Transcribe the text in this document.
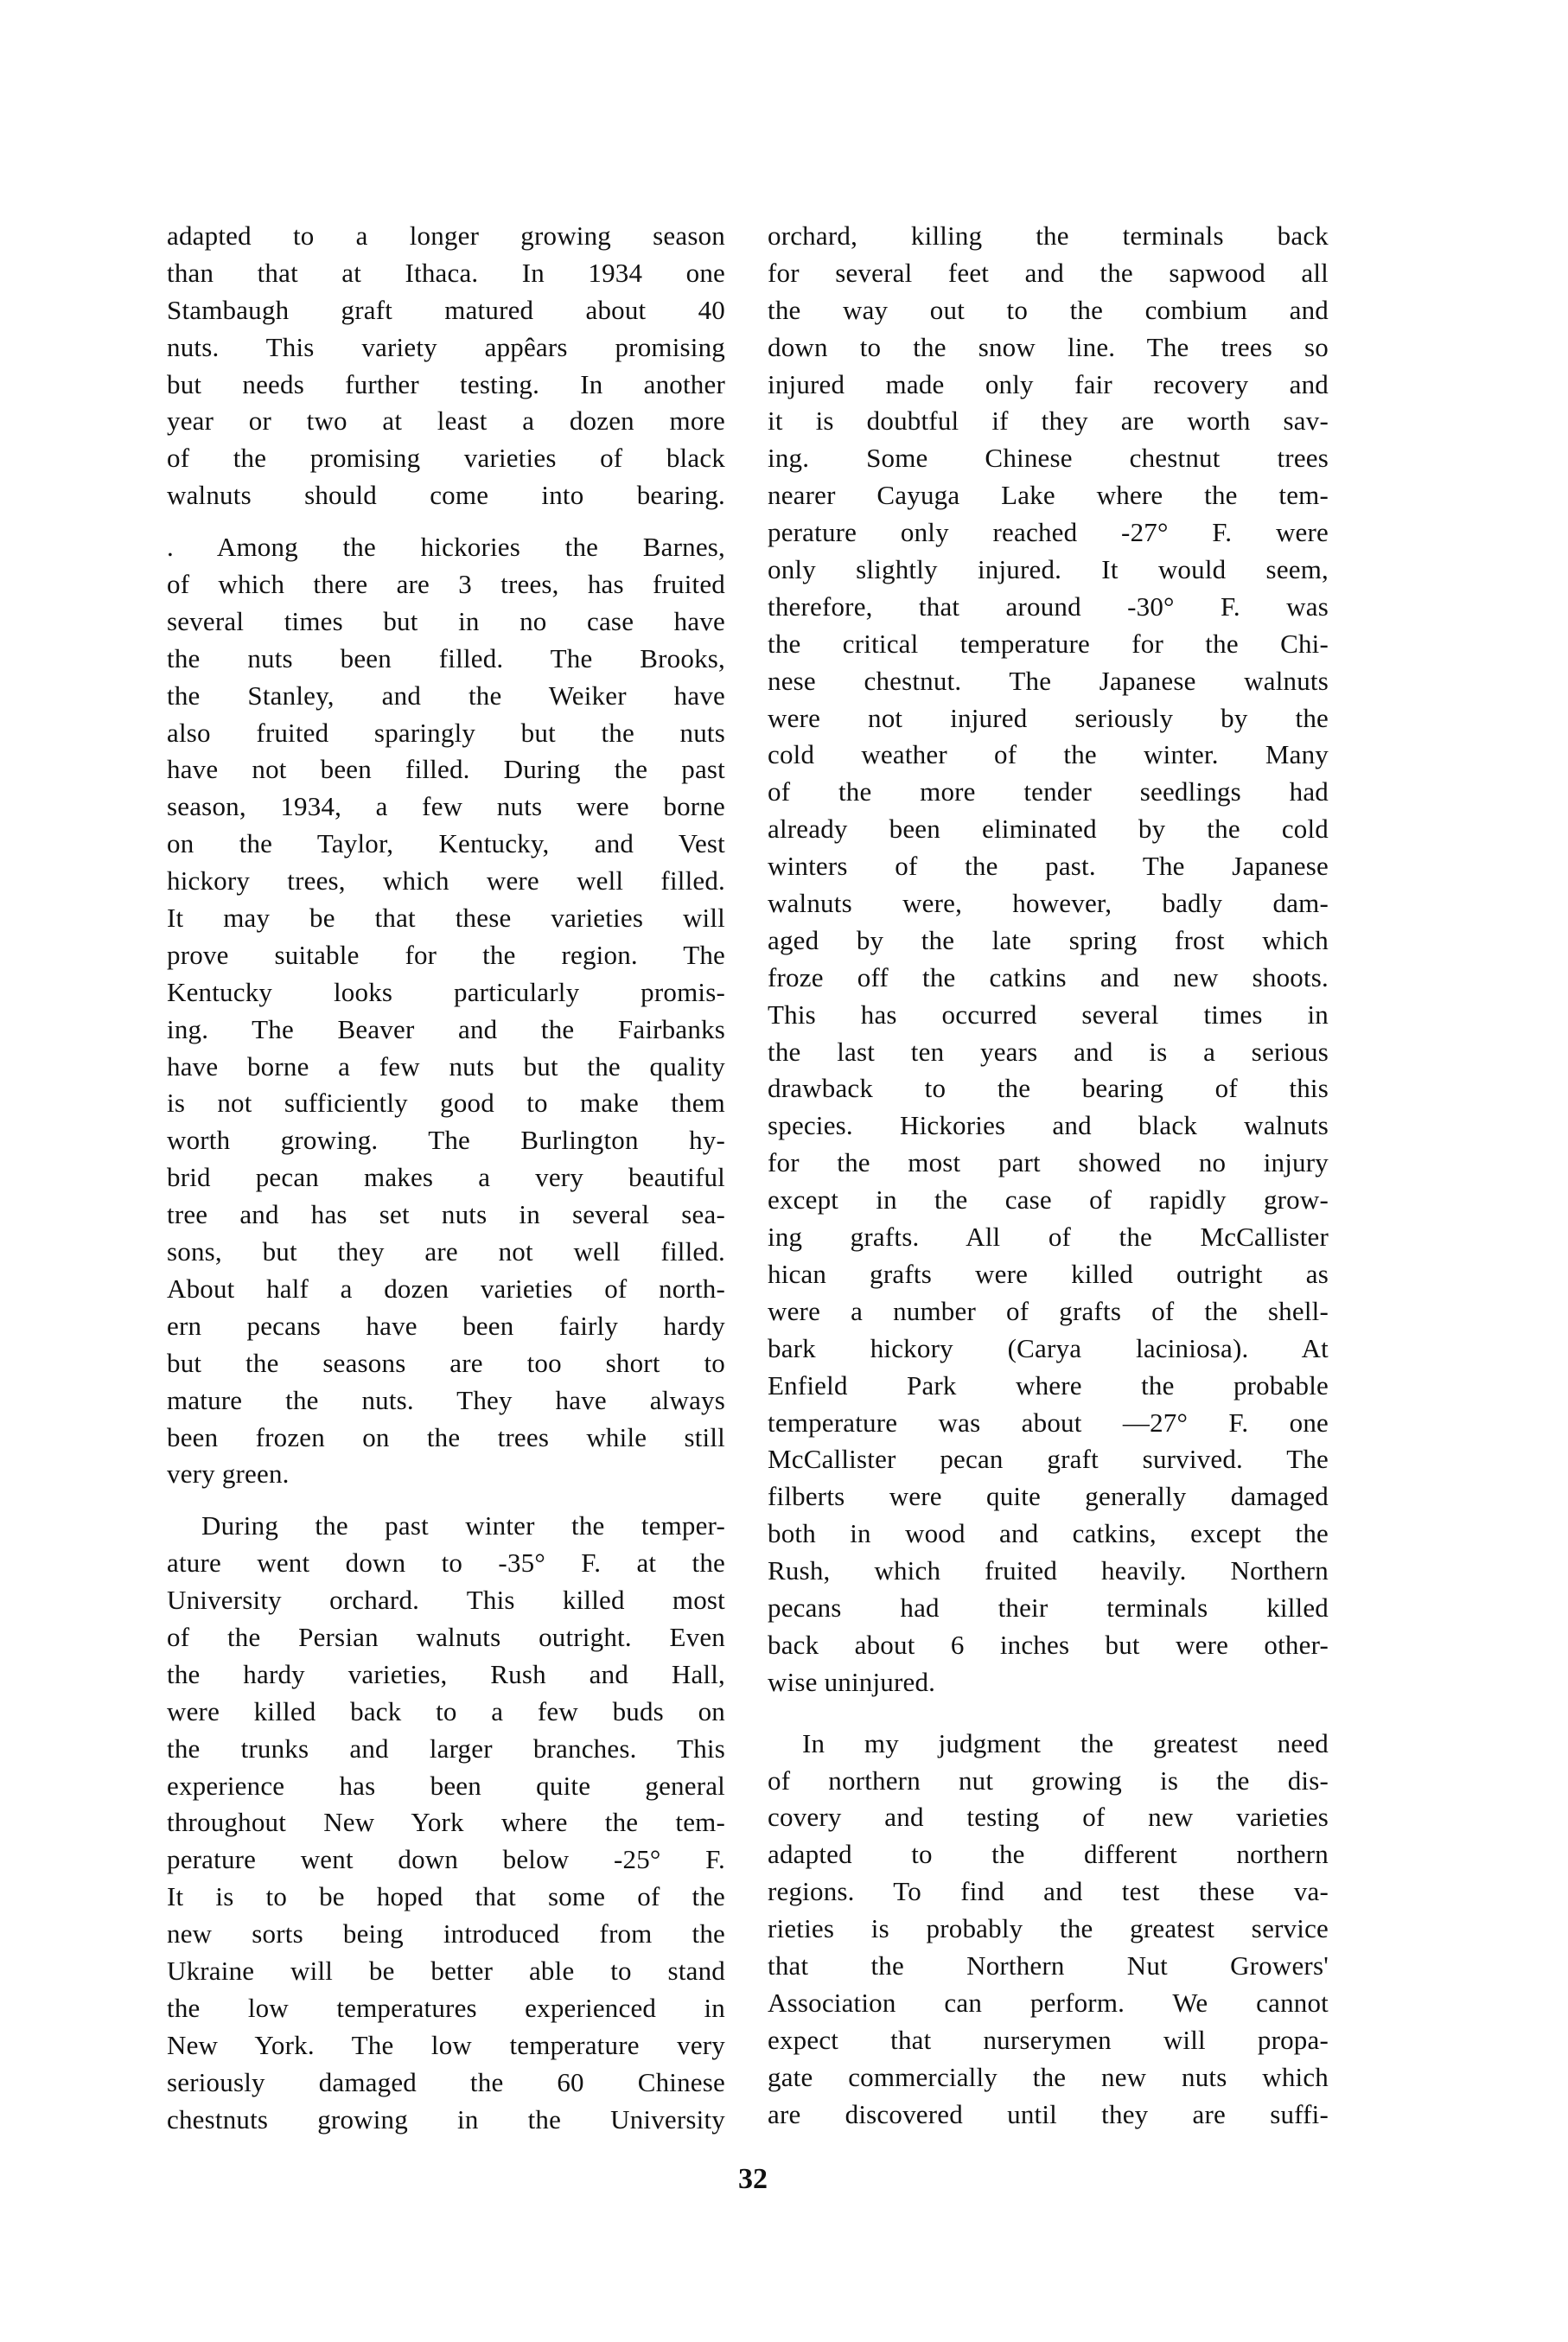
adapted to a longer growing season
than that at Ithaca. In 1934 one
Stambaugh graft matured about 40
nuts. This variety appêars promising
but needs further testing. In another
year or two at least a dozen more
of the promising varieties of black
walnuts should come into bearing.
. Among the hickories the Barnes,
of which there are 3 trees, has fruited
several times but in no case have
the nuts been filled. The Brooks,
the Stanley, and the Weiker have
also fruited sparingly but the nuts
have not been filled. During the past
season, 1934, a few nuts were borne
on the Taylor, Kentucky, and Vest
hickory trees, which were well filled.
It may be that these varieties will
prove suitable for the region. The
Kentucky looks particularly promis-
ing. The Beaver and the Fairbanks
have borne a few nuts but the quality
is not sufficiently good to make them
worth growing. The Burlington hy-
brid pecan makes a very beautiful
tree and has set nuts in several sea-
sons, but they are not well filled.
About half a dozen varieties of north-
ern pecans have been fairly hardy
but the seasons are too short to
mature the nuts. They have always
been frozen on the trees while still
very green.
During the past winter the temper-
ature went down to -35° F. at the
University orchard. This killed most
of the Persian walnuts outright. Even
the hardy varieties, Rush and Hall,
were killed back to a few buds on
the trunks and larger branches. This
experience has been quite general
throughout New York where the tem-
perature went down below -25° F.
It is to be hoped that some of the
new sorts being introduced from the
Ukraine will be better able to stand
the low temperatures experienced in
New York. The low temperature very
seriously damaged the 60 Chinese
chestnuts growing in the University
orchard, killing the terminals back
for several feet and the sapwood all
the way out to the combium and
down to the snow line. The trees so
injured made only fair recovery and
it is doubtful if they are worth sav-
ing. Some Chinese chestnut trees
nearer Cayuga Lake where the tem-
perature only reached -27° F. were
only slightly injured. It would seem,
therefore, that around -30° F. was
the critical temperature for the Chi-
nese chestnut. The Japanese walnuts
were not injured seriously by the
cold weather of the winter. Many
of the more tender seedlings had
already been eliminated by the cold
winters of the past. The Japanese
walnuts were, however, badly dam-
aged by the late spring frost which
froze off the catkins and new shoots.
This has occurred several times in
the last ten years and is a serious
drawback to the bearing of this
species. Hickories and black walnuts
for the most part showed no injury
except in the case of rapidly grow-
ing grafts. All of the McCallister
hican grafts were killed outright as
were a number of grafts of the shell-
bark hickory (Carya laciniosa). At
Enfield Park where the probable
temperature was about —27° F. one
McCallister pecan graft survived. The
filberts were quite generally damaged
both in wood and catkins, except the
Rush, which fruited heavily. Northern
pecans had their terminals killed
back about 6 inches but were other-
wise uninjured.
In my judgment the greatest need
of northern nut growing is the dis-
covery and testing of new varieties
adapted to the different northern
regions. To find and test these va-
rieties is probably the greatest service
that the Northern Nut Growers'
Association can perform. We cannot
expect that nurserymen will propa-
gate commercially the new nuts which
are discovered until they are suffi-
32
